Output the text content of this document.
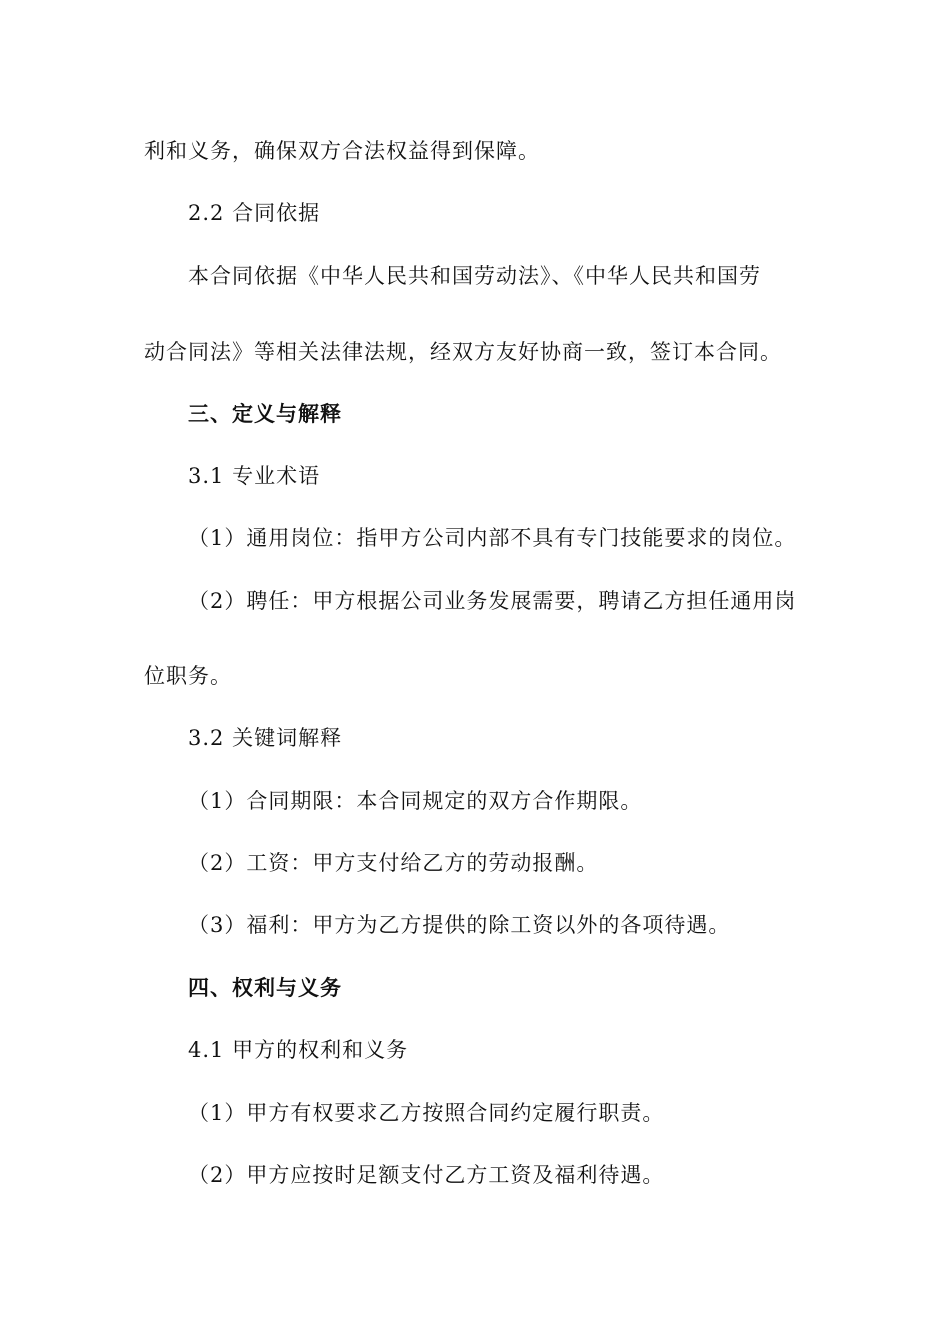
利和义务，确保双方合法权益得到保障。
2.2 合同依据
本合同依据《中华人民共和国劳动法》、《中华人民共和国劳
动合同法》等相关法律法规，经双方友好协商一致，签订本合同。
三、定义与解释
3.1 专业术语
（1）通用岗位：指甲方公司内部不具有专门技能要求的岗位。
（2）聘任：甲方根据公司业务发展需要，聘请乙方担任通用岗
位职务。
3.2 关键词解释
（1）合同期限：本合同规定的双方合作期限。
（2）工资：甲方支付给乙方的劳动报酬。
（3）福利：甲方为乙方提供的除工资以外的各项待遇。
四、权利与义务
4.1 甲方的权利和义务
（1）甲方有权要求乙方按照合同约定履行职责。
（2）甲方应按时足额支付乙方工资及福利待遇。
